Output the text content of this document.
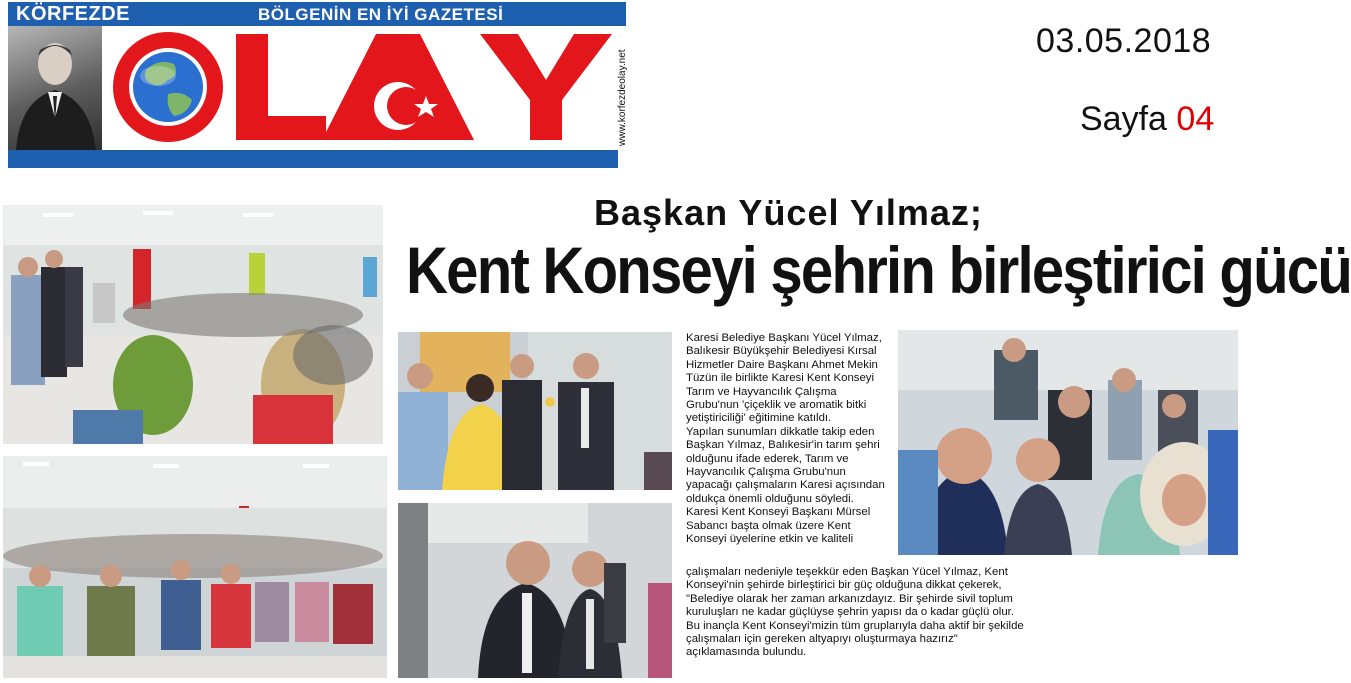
KÖRFEZDE	BÖLGENİN EN İYİ GAZETESİ
www.korfezdeolay.net
03.05.2018
Sayfa 04
Başkan Yücel Yılmaz;
Kent Konseyi şehrin birleştirici gücü

Karesi Belediye Başkanı Yücel Yılmaz, Balıkesir Büyükşehir Belediyesi Kırsal Hizmetler Daire Başkanı Ahmet Mekin Tüzün ile birlikte Karesi Kent Konseyi Tarım ve Hayvancılık Çalışma Grubu'nun 'çiçeklik ve aromatik bitki yetiştiriciliği' eğitimine katıldı.

Yapılan sunumları dikkatle takip eden Başkan Yılmaz, Balıkesir'in tarım şehri olduğunu ifade ederek, Tarım ve Hayvancılık Çalışma Grubu'nun yapacağı çalışmaların Karesi açısından oldukça önemli olduğunu söyledi.

Karesi Kent Konseyi Başkanı Mürsel Sabancı başta olmak üzere Kent Konseyi üyelerine etkin ve kaliteli

çalışmaları nedeniyle teşekkür eden Başkan Yücel Yılmaz, Kent Konseyi'nin şehirde birleştirici bir güç olduğuna dikkat çekerek, "Belediye olarak her zaman arkanızdayız. Bir şehirde sivil toplum kuruluşları ne kadar güçlüyse şehrin yapısı da o kadar güçlü olur. Bu inançla Kent Konseyi'mizin tüm gruplarıyla daha aktif bir şekilde çalışmaları için gereken altyapıyı oluşturmaya hazırız" açıklamasında bulundu.
